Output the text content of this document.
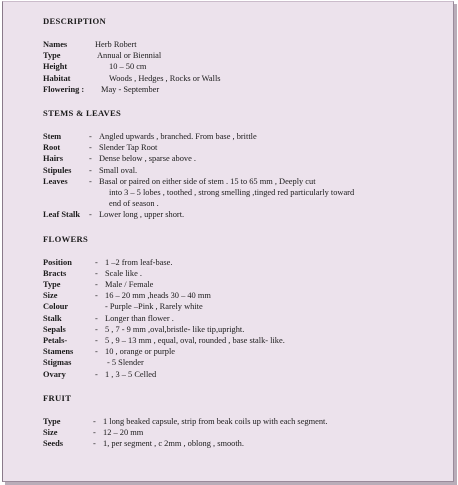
DESCRIPTION
Names	Herb Robert
Type	Annual or Biennial
Height	10 – 50 cm
Habitat	Woods , Hedges , Rocks or Walls
Flowering :	May - September
STEMS & LEAVES
Stem	- Angled upwards , branched. From base , brittle
Root	- Slender Tap Root
Hairs	- Dense below , sparse above .
Stipules	- Small oval.
Leaves	- Basal or paired on either side of stem . 15 to 65 mm , Deeply cut
into 3 – 5 lobes , toothed , strong smelling ,tinged red particularly toward
end of season .
Leaf Stalk	- Lower long , upper short.
FLOWERS
Position	- 1 –2 from leaf-base.
Bracts	- Scale like .
Type	- Male / Female
Size	- 16 – 20 mm ,heads 30 – 40 mm
Colour	- Purple –Pink , Rarely white
Stalk	- Longer than flower .
Sepals	- 5 , 7 - 9 mm ,oval,bristle- like tip,upright.
Petals-	- 5 , 9 – 13 mm , equal, oval, rounded , base stalk- like.
Stamens	- 10 , orange or purple
Stigmas	- 5 Slender
Ovary	- 1 , 3 – 5 Celled
FRUIT
Type	- 1 long beaked capsule, strip from beak coils up with each segment.
Size	- 12 – 20 mm
Seeds	- 1, per segment , c 2mm , oblong , smooth.
